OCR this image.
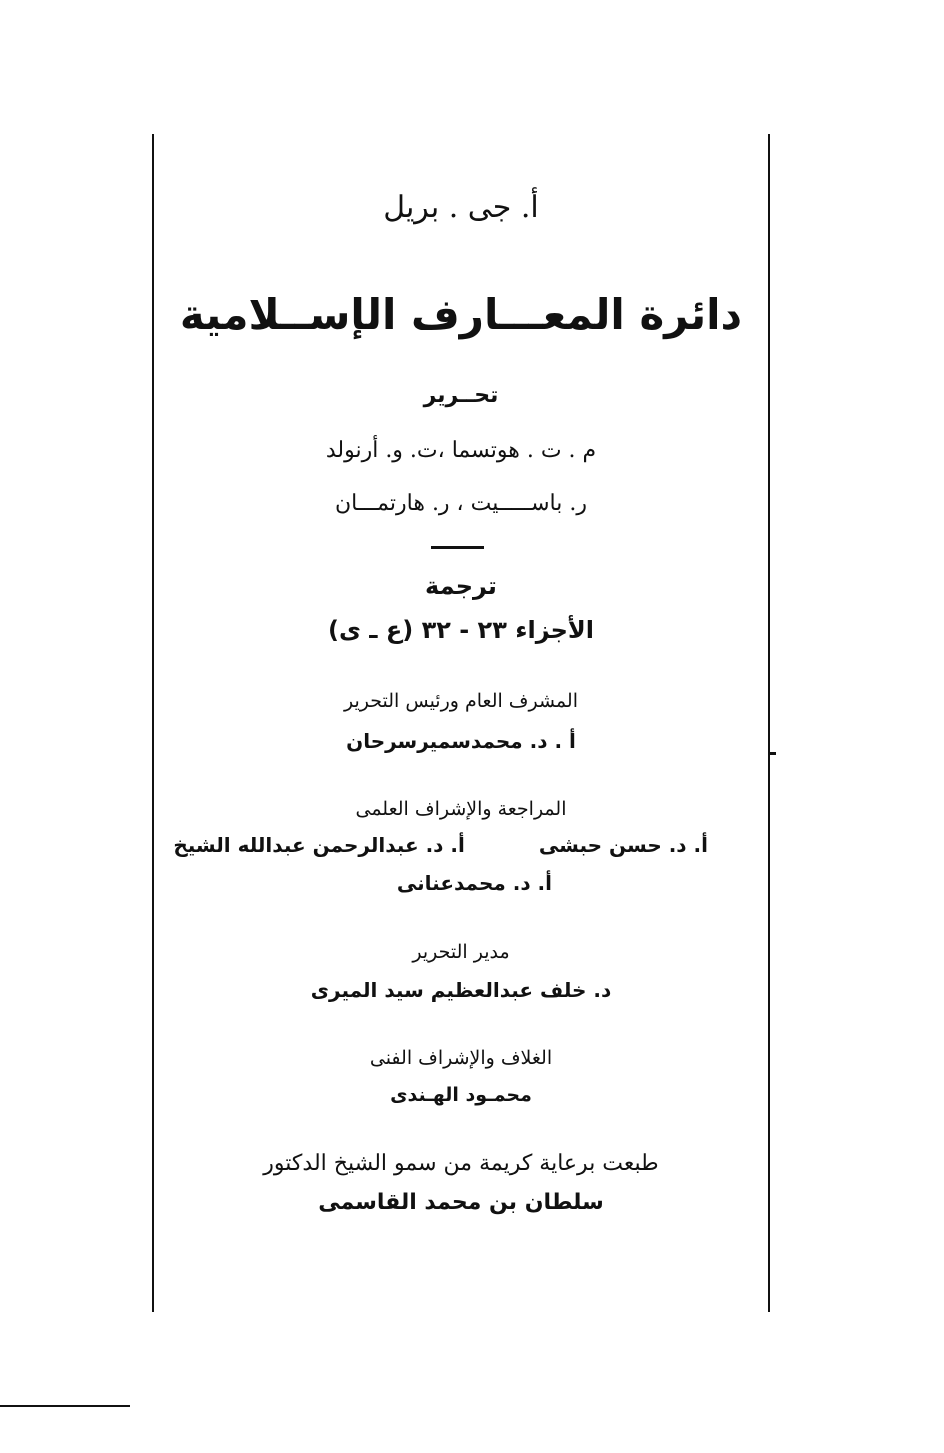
أ. جى . بريل
دائرة المعـــارف الإســلامية
تحــرير
م . ت . هوتسما ،ت. و. أرنولد
ر. باســـــيت ، ر. هارتمـــان
ترجمة
الأجزاء ٢٣ - ٣٢ (ع ـ ى)
المشرف العام ورئيس التحرير
أ . د. محمدسميرسرحان
المراجعة والإشراف العلمى
أ. د. حسن حبشىأ. د. عبدالرحمن عبدالله الشيخ
أ. د. محمدعنانى
مدير التحرير
د. خلف عبدالعظيم سيد الميرى
الغلاف والإشراف الفنى
محمـود الهـندى
طبعت برعاية كريمة من سمو الشيخ الدكتور
سلطان بن محمد القاسمى
